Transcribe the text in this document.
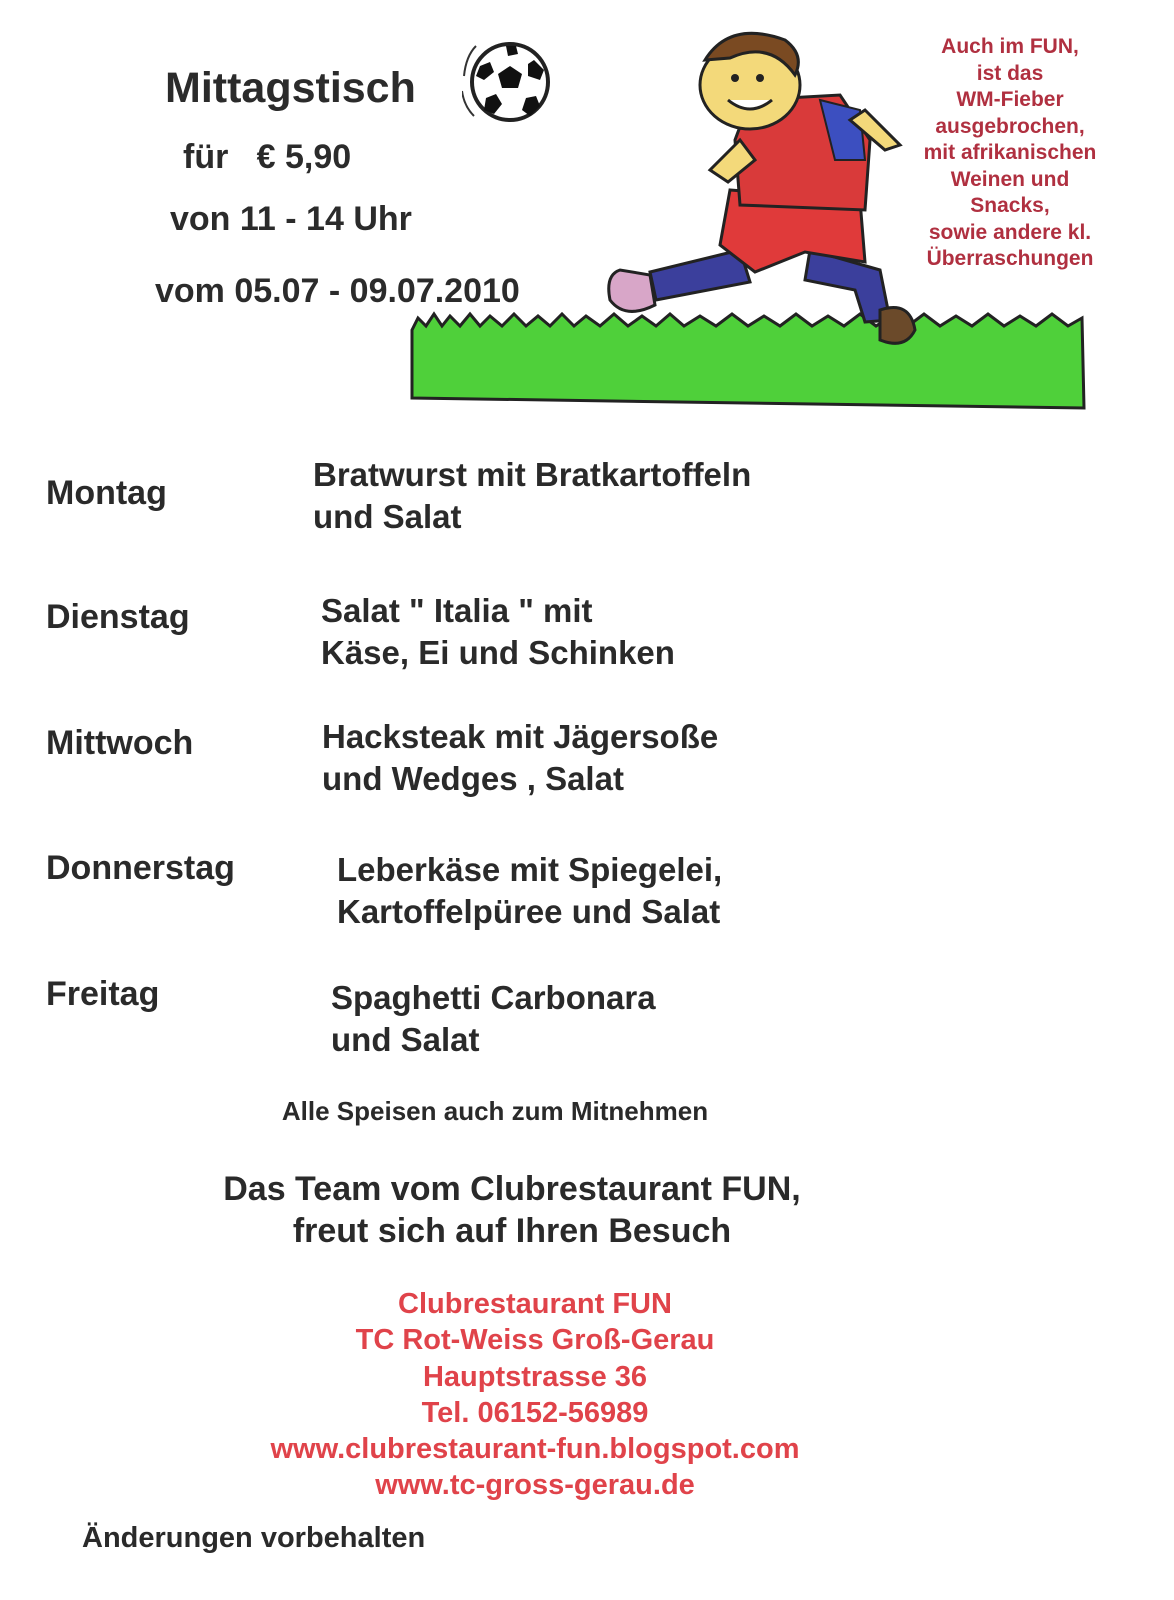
Mittagstisch
für   € 5,90
von 11 - 14 Uhr
vom 05.07 - 09.07.2010
Auch im FUN,
ist das
WM-Fieber
ausgebrochen,
mit afrikanischen
Weinen und
Snacks,
sowie andere kl.
Überraschungen
Montag	Bratwurst mit Bratkartoffeln
und Salat
Dienstag	Salat " Italia " mit
Käse, Ei und Schinken
Mittwoch	Hacksteak mit Jägersoße
und Wedges , Salat
Donnerstag	Leberkäse mit Spiegelei,
Kartoffelpüree und Salat
Freitag	Spaghetti Carbonara
und Salat
Alle Speisen auch zum Mitnehmen
Das Team vom Clubrestaurant FUN,
freut sich auf Ihren Besuch
Clubrestaurant FUN
TC Rot-Weiss Groß-Gerau
Hauptstrasse 36
Tel. 06152-56989
www.clubrestaurant-fun.blogspot.com
www.tc-gross-gerau.de
Änderungen vorbehalten
